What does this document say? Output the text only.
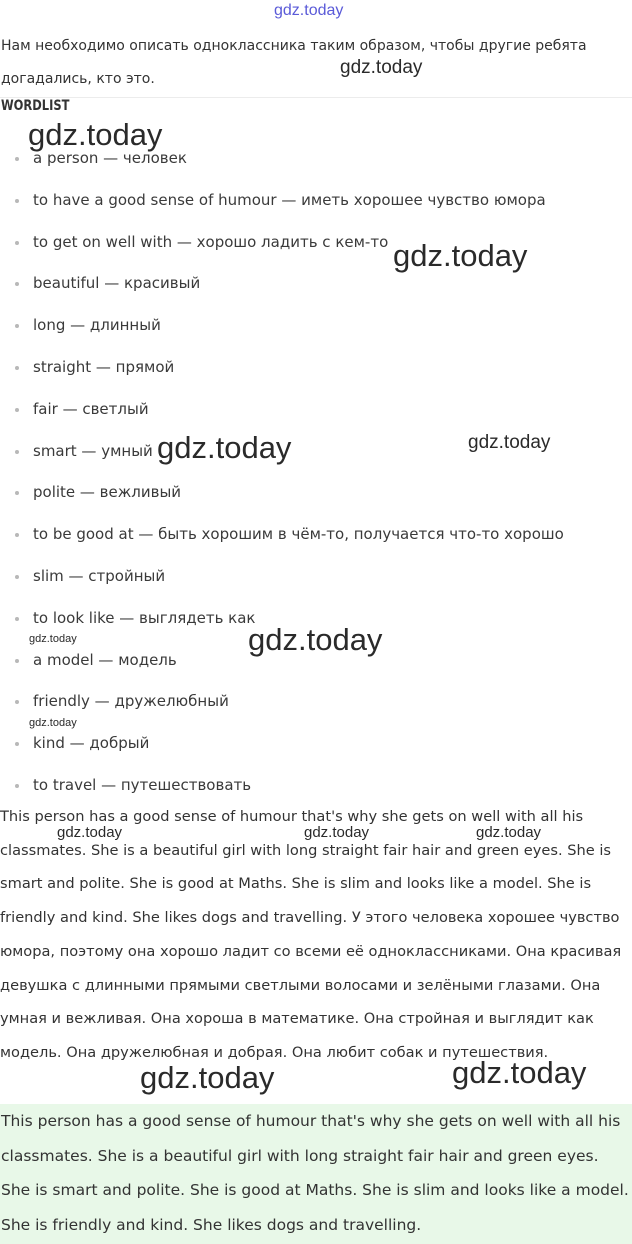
gdz.today
Нам необходимо описать одноклассника таким образом, чтобы другие ребята догадались, кто это.
WORDLIST
a person — человек
to have a good sense of humour — иметь хорошее чувство юмора
to get on well with — хорошо ладить с кем-то
beautiful — красивый
long — длинный
straight — прямой
fair — светлый
smart — умный
polite — вежливый
to be good at — быть хорошим в чём-то, получается что-то хорошо
slim — стройный
to look like — выглядеть как
a model — модель
friendly — дружелюбный
kind — добрый
to travel — путешествовать
This person has a good sense of humour that's why she gets on well with all his classmates. She is a beautiful girl with long straight fair hair and green eyes. She is smart and polite. She is good at Maths. She is slim and looks like a model. She is friendly and kind. She likes dogs and travelling. У этого человека хорошее чувство юмора, поэтому она хорошо ладит со всеми её одноклассниками. Она красивая девушка с длинными прямыми светлыми волосами и зелёными глазами. Она умная и вежливая. Она хороша в математике. Она стройная и выглядит как модель. Она дружелюбная и добрая. Она любит собак и путешествия.
This person has a good sense of humour that's why she gets on well with all his classmates. She is a beautiful girl with long straight fair hair and green eyes. She is smart and polite. She is good at Maths. She is slim and looks like a model. She is friendly and kind. She likes dogs and travelling.
gdz.today
gdz.today
gdz.today
gdz.today	gdz.today
gdz.today	gdz.today
gdz.today
gdz.today	gdz.today	gdz.today
gdz.today	gdz.today
